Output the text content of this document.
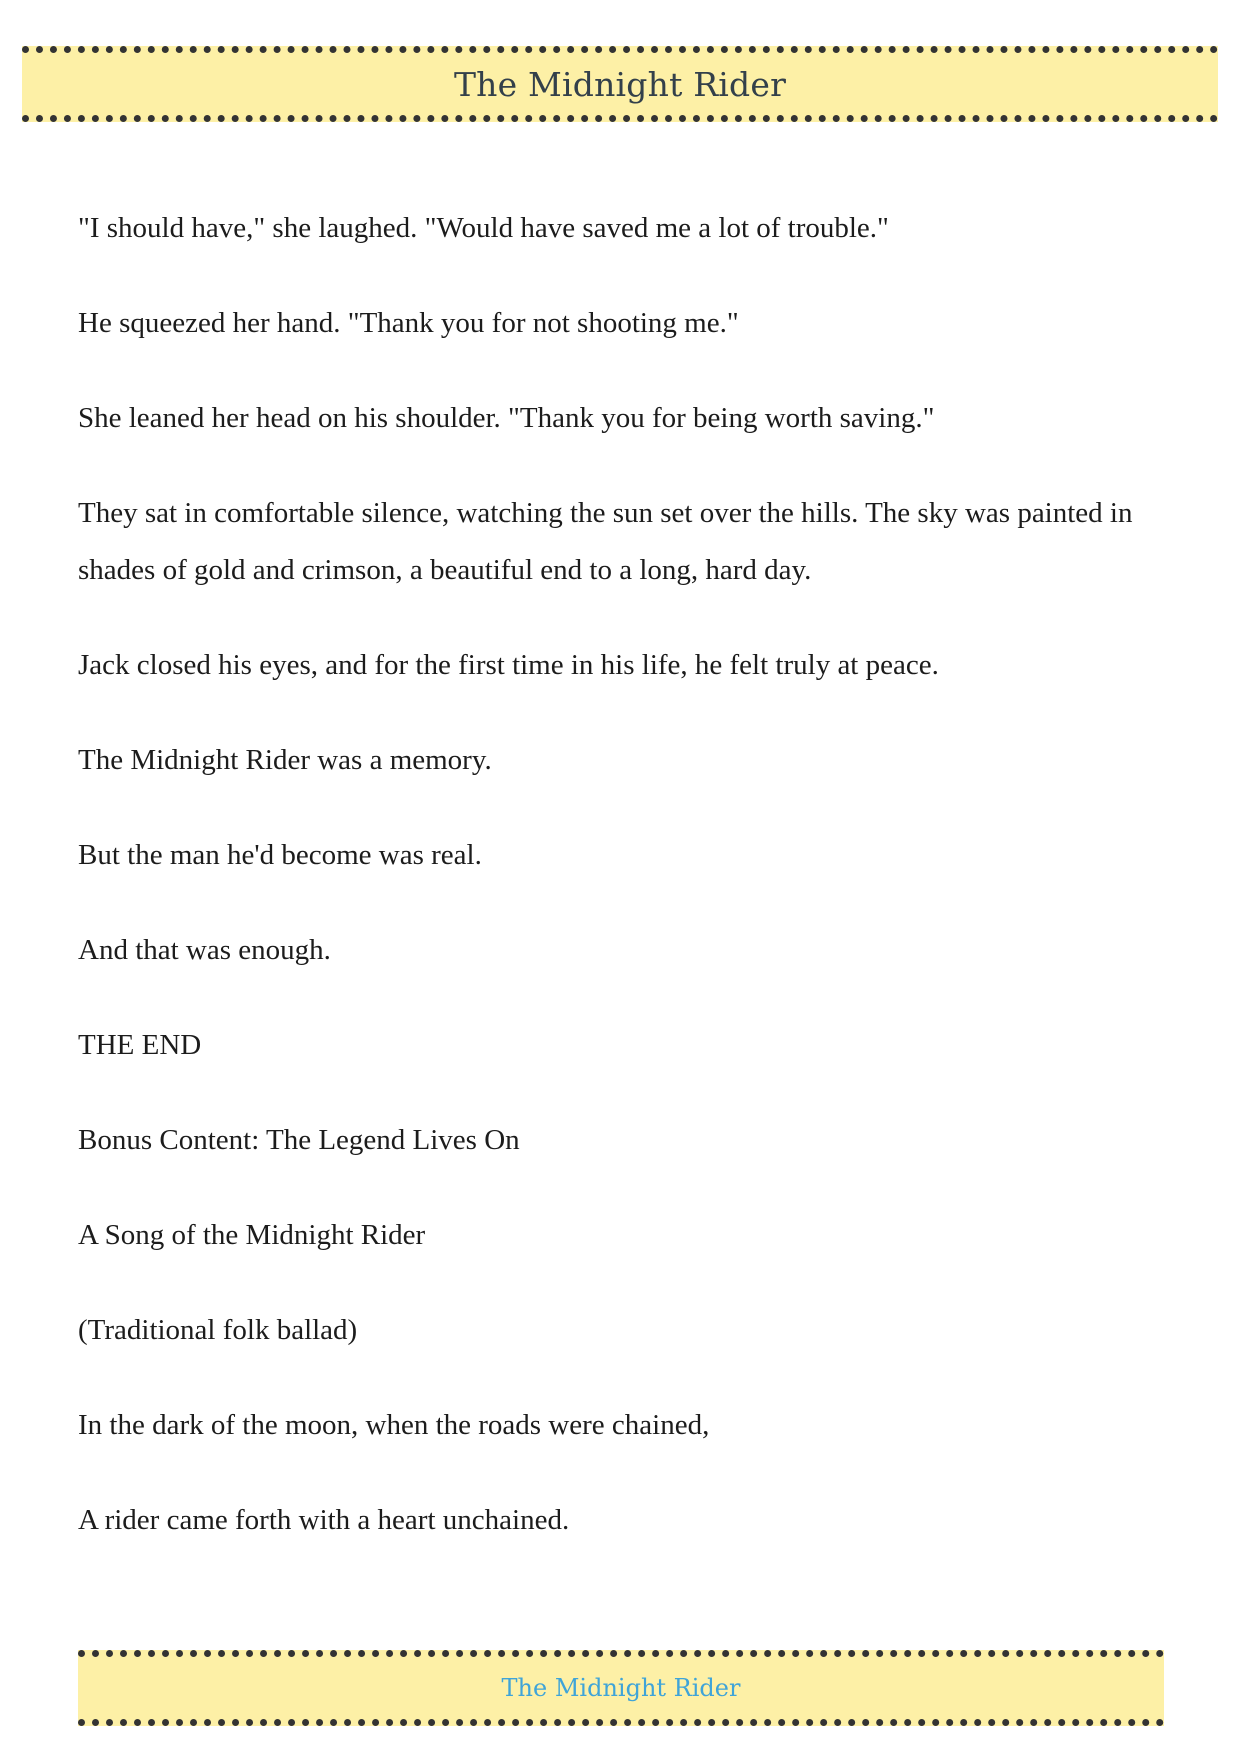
The Midnight Rider

"I should have," she laughed. "Would have saved me a lot of trouble."

He squeezed her hand. "Thank you for not shooting me."

She leaned her head on his shoulder. "Thank you for being worth saving."

They sat in comfortable silence, watching the sun set over the hills. The sky was painted in shades of gold and crimson, a beautiful end to a long, hard day.

Jack closed his eyes, and for the first time in his life, he felt truly at peace.

The Midnight Rider was a memory.

But the man he'd become was real.

And that was enough.

THE END

Bonus Content: The Legend Lives On

A Song of the Midnight Rider

(Traditional folk ballad)

In the dark of the moon, when the roads were chained,

A rider came forth with a heart unchained.

The Midnight Rider
